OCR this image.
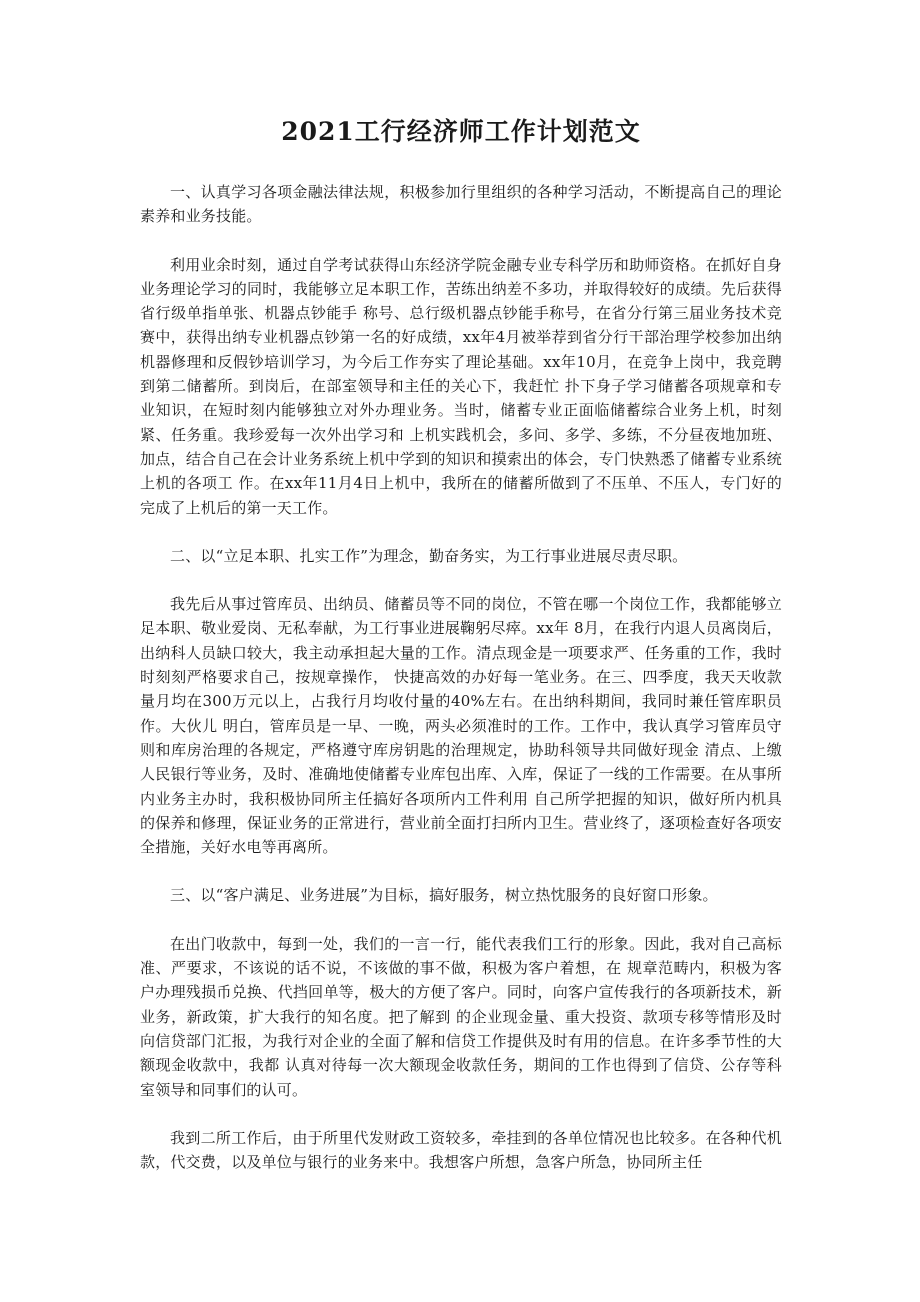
2021工行经济师工作计划范文

一、认真学习各项金融法律法规，积极参加行里组织的各种学习活动，不断提高自己的理论素养和业务技能。

利用业余时刻，通过自学考试获得山东经济学院金融专业专科学历和助师资格。在抓好自身业务理论学习的同时，我能够立足本职工作，苦练出纳差不多功，并取得较好的成绩。先后获得省行级单指单张、机器点钞能手 称号、总行级机器点钞能手称号，在省分行第三届业务技术竞赛中，获得出纳专业机器点钞第一名的好成绩，xx年4月被举荐到省分行干部治理学校参加出纳机器修理和反假钞培训学习，为今后工作夯实了理论基础。xx年10月，在竞争上岗中，我竞聘到第二储蓄所。到岗后，在部室领导和主任的关心下，我赶忙 扑下身子学习储蓄各项规章和专业知识，在短时刻内能够独立对外办理业务。当时，储蓄专业正面临储蓄综合业务上机，时刻紧、任务重。我珍爱每一次外出学习和 上机实践机会，多问、多学、多练，不分昼夜地加班、加点，结合自己在会计业务系统上机中学到的知识和摸索出的体会，专门快熟悉了储蓄专业系统上机的各项工 作。在xx年11月4日上机中，我所在的储蓄所做到了不压单、不压人，专门好的完成了上机后的第一天工作。

二、以“立足本职、扎实工作”为理念，勤奋务实，为工行事业进展尽责尽职。

我先后从事过管库员、出纳员、储蓄员等不同的岗位，不管在哪一个岗位工作，我都能够立足本职、敬业爱岗、无私奉献，为工行事业进展鞠躬尽瘁。xx年 8月，在我行内退人员离岗后，出纳科人员缺口较大，我主动承担起大量的工作。清点现金是一项要求严、任务重的工作，我时时刻刻严格要求自己，按规章操作， 快捷高效的办好每一笔业务。在三、四季度，我天天收款量月均在300万元以上，占我行月均收付量的40%左右。在出纳科期间，我同时兼任管库职员作。大伙儿 明白，管库员是一早、一晚，两头必须准时的工作。工作中，我认真学习管库员守则和库房治理的各规定，严格遵守库房钥匙的治理规定，协助科领导共同做好现金 清点、上缴人民银行等业务，及时、准确地使储蓄专业库包出库、入库，保证了一线的工作需要。在从事所内业务主办时，我积极协同所主任搞好各项所内工件利用 自己所学把握的知识，做好所内机具的保养和修理，保证业务的正常进行，营业前全面打扫所内卫生。营业终了，逐项检查好各项安全措施，关好水电等再离所。

三、以“客户满足、业务进展”为目标，搞好服务，树立热忱服务的良好窗口形象。

在出门收款中，每到一处，我们的一言一行，能代表我们工行的形象。因此，我对自己高标准、严要求，不该说的话不说，不该做的事不做，积极为客户着想，在 规章范畴内，积极为客户办理残损币兑换、代挡回单等，极大的方便了客户。同时，向客户宣传我行的各项新技术，新业务，新政策，扩大我行的知名度。把了解到 的企业现金量、重大投资、款项专移等情形及时向信贷部门汇报，为我行对企业的全面了解和信贷工作提供及时有用的信息。在许多季节性的大额现金收款中，我都 认真对待每一次大额现金收款任务，期间的工作也得到了信贷、公存等科室领导和同事们的认可。

我到二所工作后，由于所里代发财政工资较多，牵挂到的各单位情况也比较多。在各种代机款，代交费，以及单位与银行的业务来中。我想客户所想，急客户所急，协同所主任
